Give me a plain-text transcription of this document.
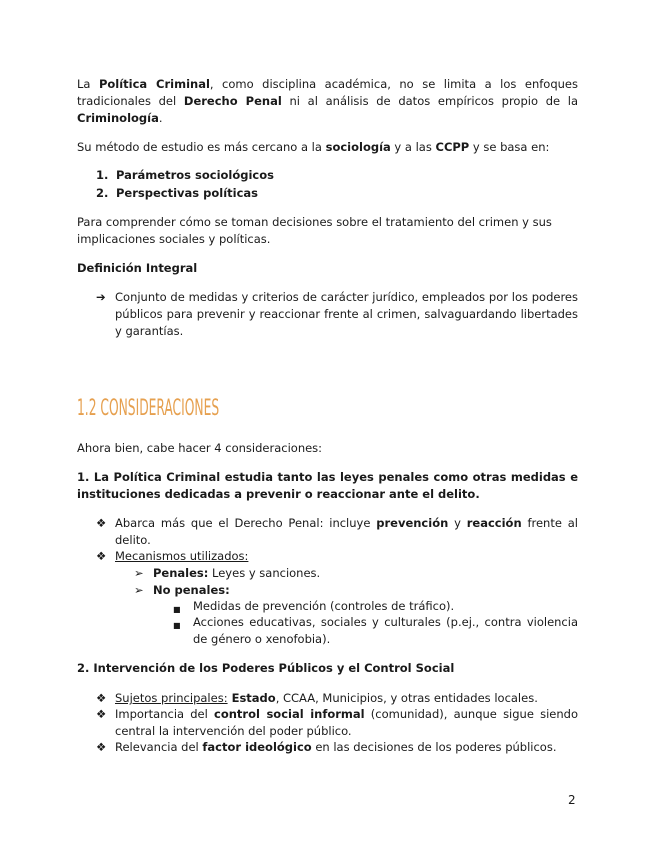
La Política Criminal, como disciplina académica, no se limita a los enfoques tradicionales del Derecho Penal ni al análisis de datos empíricos propio de la Criminología.

Su método de estudio es más cercano a la sociología y a las CCPP y se basa en:

1. Parámetros sociológicos
2. Perspectivas políticas

Para comprender cómo se toman decisiones sobre el tratamiento del crimen y sus implicaciones sociales y políticas.

Definición Integral

➔ Conjunto de medidas y criterios de carácter jurídico, empleados por los poderes públicos para prevenir y reaccionar frente al crimen, salvaguardando libertades y garantías.
1.2 CONSIDERACIONES

Ahora bien, cabe hacer 4 consideraciones:

1. La Política Criminal estudia tanto las leyes penales como otras medidas e instituciones dedicadas a prevenir o reaccionar ante el delito.

❖ Abarca más que el Derecho Penal: incluye prevención y reacción frente al delito.
❖ Mecanismos utilizados:
➢ Penales: Leyes y sanciones.
➢ No penales:
■ Medidas de prevención (controles de tráfico).
■ Acciones educativas, sociales y culturales (p.ej., contra violencia de género o xenofobia).

2. Intervención de los Poderes Públicos y el Control Social

❖ Sujetos principales: Estado, CCAA, Municipios, y otras entidades locales.
❖ Importancia del control social informal (comunidad), aunque sigue siendo central la intervención del poder público.
❖ Relevancia del factor ideológico en las decisiones de los poderes públicos.
2
